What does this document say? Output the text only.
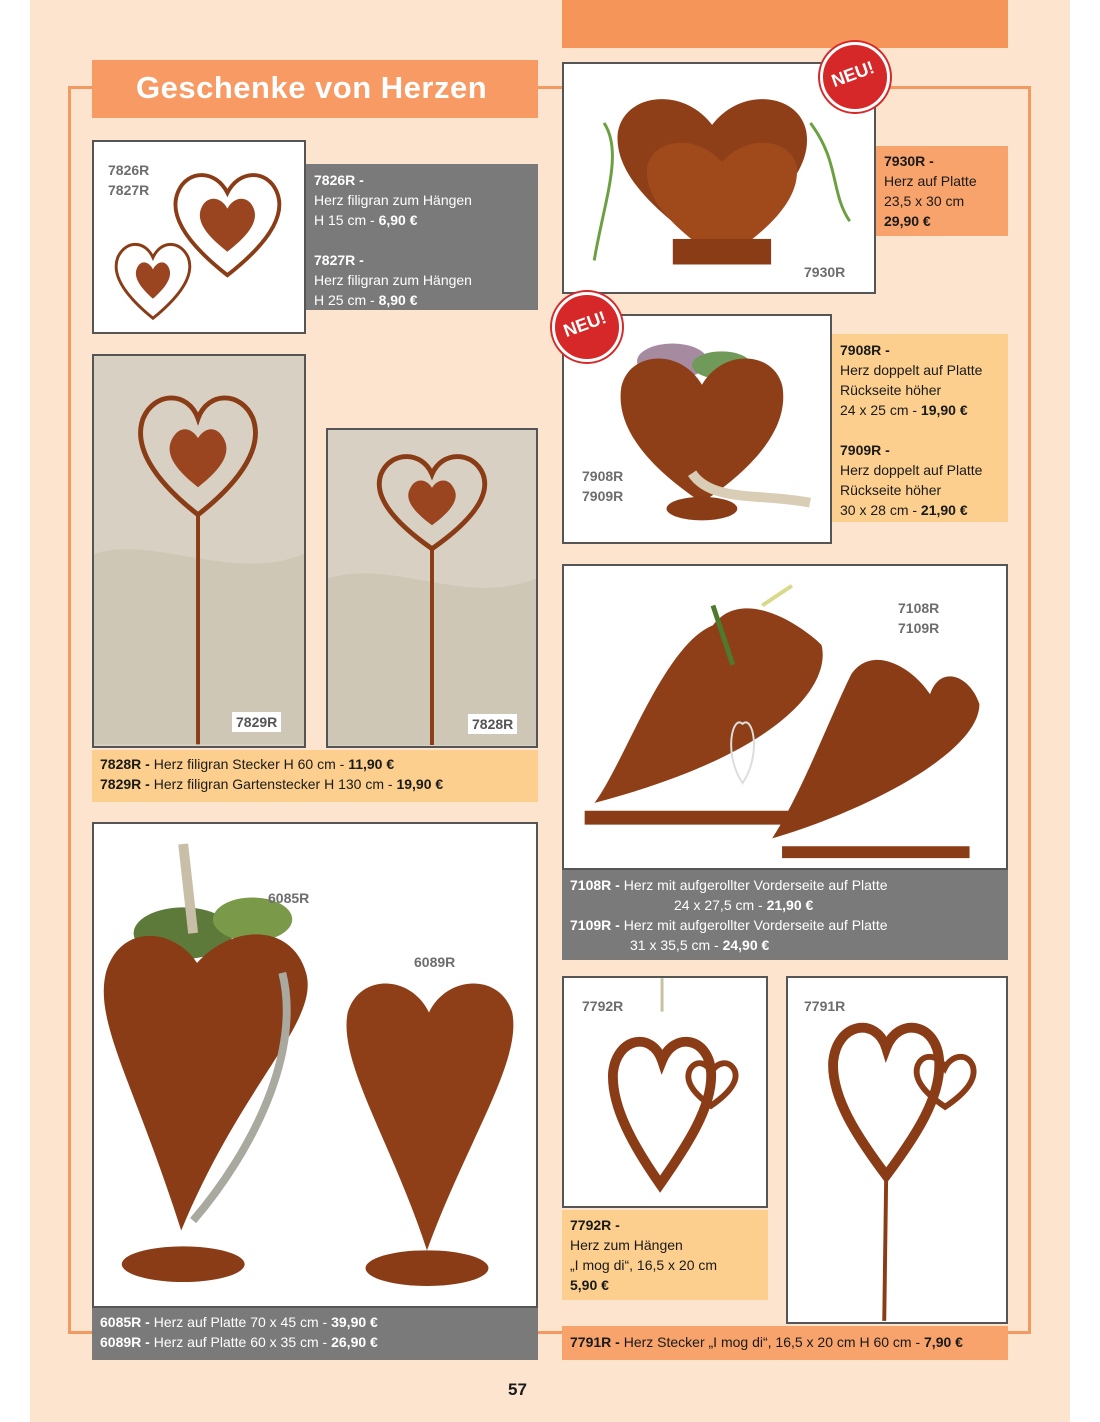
Geschenke von Herzen
7826R
7827R
7826R -
Herz filigran zum Hängen
H 15 cm - 6,90 €

7827R -
Herz filigran zum Hängen
H 25 cm - 8,90 €
7829R	7828R
7828R - Herz filigran Stecker H 60 cm - 11,90 €
7829R - Herz filigran Gartenstecker H 130 cm - 19,90 €
6085R
6089R
6085R - Herz auf Platte 70 x 45 cm - 39,90 €
6089R - Herz auf Platte 60 x 35 cm - 26,90 €
7930R
NEU!
7930R -
Herz auf Platte
23,5 x 30 cm
29,90 €
7908R
7909R
NEU!
7908R -
Herz doppelt auf Platte
Rückseite höher
24 x 25 cm - 19,90 €

7909R -
Herz doppelt auf Platte
Rückseite höher
30 x 28 cm - 21,90 €
7108R
7109R
7108R - Herz mit aufgerollter Vorderseite auf Platte
24 x 27,5 cm - 21,90 €
7109R - Herz mit aufgerollter Vorderseite auf Platte
31 x 35,5 cm - 24,90 €
7792R
7792R -
Herz zum Hängen
„I mog di“, 16,5 x 20 cm
5,90 €
7791R
7791R - Herz Stecker „I mog di“, 16,5 x 20 cm H 60 cm - 7,90 €
57
